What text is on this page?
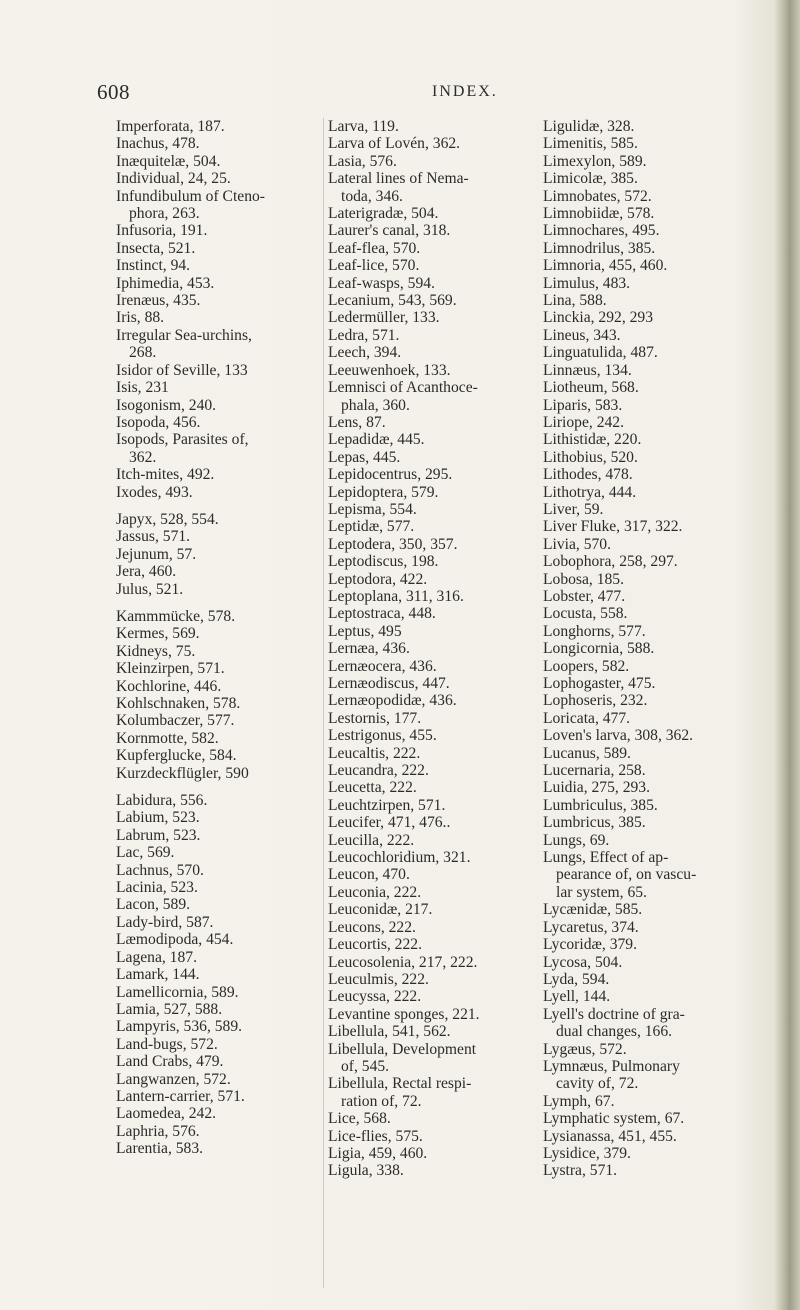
608	INDEX.
Imperforata, 187.
Inachus, 478.
Inæquitelæ, 504.
Individual, 24, 25.
Infundibulum of Cteno-
phora, 263.
Infusoria, 191.
Insecta, 521.
Instinct, 94.
Iphimedia, 453.
Irenæus, 435.
Iris, 88.
Irregular Sea-urchins,
268.
Isidor of Seville, 133
Isis, 231
Isogonism, 240.
Isopoda, 456.
Isopods, Parasites of,
362.
Itch-mites, 492.
Ixodes, 493.
Japyx, 528, 554.
Jassus, 571.
Jejunum, 57.
Jera, 460.
Julus, 521.
Kammmücke, 578.
Kermes, 569.
Kidneys, 75.
Kleinzirpen, 571.
Kochlorine, 446.
Kohlschnaken, 578.
Kolumbaczer, 577.
Kornmotte, 582.
Kupferglucke, 584.
Kurzdeckflügler, 590
Labidura, 556.
Labium, 523.
Labrum, 523.
Lac, 569.
Lachnus, 570.
Lacinia, 523.
Lacon, 589.
Lady-bird, 587.
Læmodipoda, 454.
Lagena, 187.
Lamark, 144.
Lamellicornia, 589.
Lamia, 527, 588.
Lampyris, 536, 589.
Land-bugs, 572.
Land Crabs, 479.
Langwanzen, 572.
Lantern-carrier, 571.
Laomedea, 242.
Laphria, 576.
Larentia, 583.
Larva, 119.
Larva of Lovén, 362.
Lasia, 576.
Lateral lines of Nema-
toda, 346.
Laterigradæ, 504.
Laurer's canal, 318.
Leaf-flea, 570.
Leaf-lice, 570.
Leaf-wasps, 594.
Lecanium, 543, 569.
Ledermüller, 133.
Ledra, 571.
Leech, 394.
Leeuwenhoek, 133.
Lemnisci of Acanthoce-
phala, 360.
Lens, 87.
Lepadidæ, 445.
Lepas, 445.
Lepidocentrus, 295.
Lepidoptera, 579.
Lepisma, 554.
Leptidæ, 577.
Leptodera, 350, 357.
Leptodiscus, 198.
Leptodora, 422.
Leptoplana, 311, 316.
Leptostraca, 448.
Leptus, 495
Lernæa, 436.
Lernæocera, 436.
Lernæodiscus, 447.
Lernæopodidæ, 436.
Lestornis, 177.
Lestrigonus, 455.
Leucaltis, 222.
Leucandra, 222.
Leucetta, 222.
Leuchtzirpen, 571.
Leucifer, 471, 476..
Leucilla, 222.
Leucochloridium, 321.
Leucon, 470.
Leuconia, 222.
Leuconidæ, 217.
Leucons, 222.
Leucortis, 222.
Leucosolenia, 217, 222.
Leuculmis, 222.
Leucyssa, 222.
Levantine sponges, 221.
Libellula, 541, 562.
Libellula, Development
of, 545.
Libellula, Rectal respi-
ration of, 72.
Lice, 568.
Lice-flies, 575.
Ligia, 459, 460.
Ligula, 338.
Ligulidæ, 328.
Limenitis, 585.
Limexylon, 589.
Limicolæ, 385.
Limnobates, 572.
Limnobiidæ, 578.
Limnochares, 495.
Limnodrilus, 385.
Limnoria, 455, 460.
Limulus, 483.
Lina, 588.
Linckia, 292, 293
Lineus, 343.
Linguatulida, 487.
Linnæus, 134.
Liotheum, 568.
Liparis, 583.
Liriope, 242.
Lithistidæ, 220.
Lithobius, 520.
Lithodes, 478.
Lithotrya, 444.
Liver, 59.
Liver Fluke, 317, 322.
Livia, 570.
Lobophora, 258, 297.
Lobosa, 185.
Lobster, 477.
Locusta, 558.
Longhorns, 577.
Longicornia, 588.
Loopers, 582.
Lophogaster, 475.
Lophoseris, 232.
Loricata, 477.
Loven's larva, 308, 362.
Lucanus, 589.
Lucernaria, 258.
Luidia, 275, 293.
Lumbriculus, 385.
Lumbricus, 385.
Lungs, 69.
Lungs, Effect of ap-
pearance of, on vascu-
lar system, 65.
Lycænidæ, 585.
Lycaretus, 374.
Lycoridæ, 379.
Lycosa, 504.
Lyda, 594.
Lyell, 144.
Lyell's doctrine of gra-
dual changes, 166.
Lygæus, 572.
Lymnæus, Pulmonary
cavity of, 72.
Lymph, 67.
Lymphatic system, 67.
Lysianassa, 451, 455.
Lysidice, 379.
Lystra, 571.
